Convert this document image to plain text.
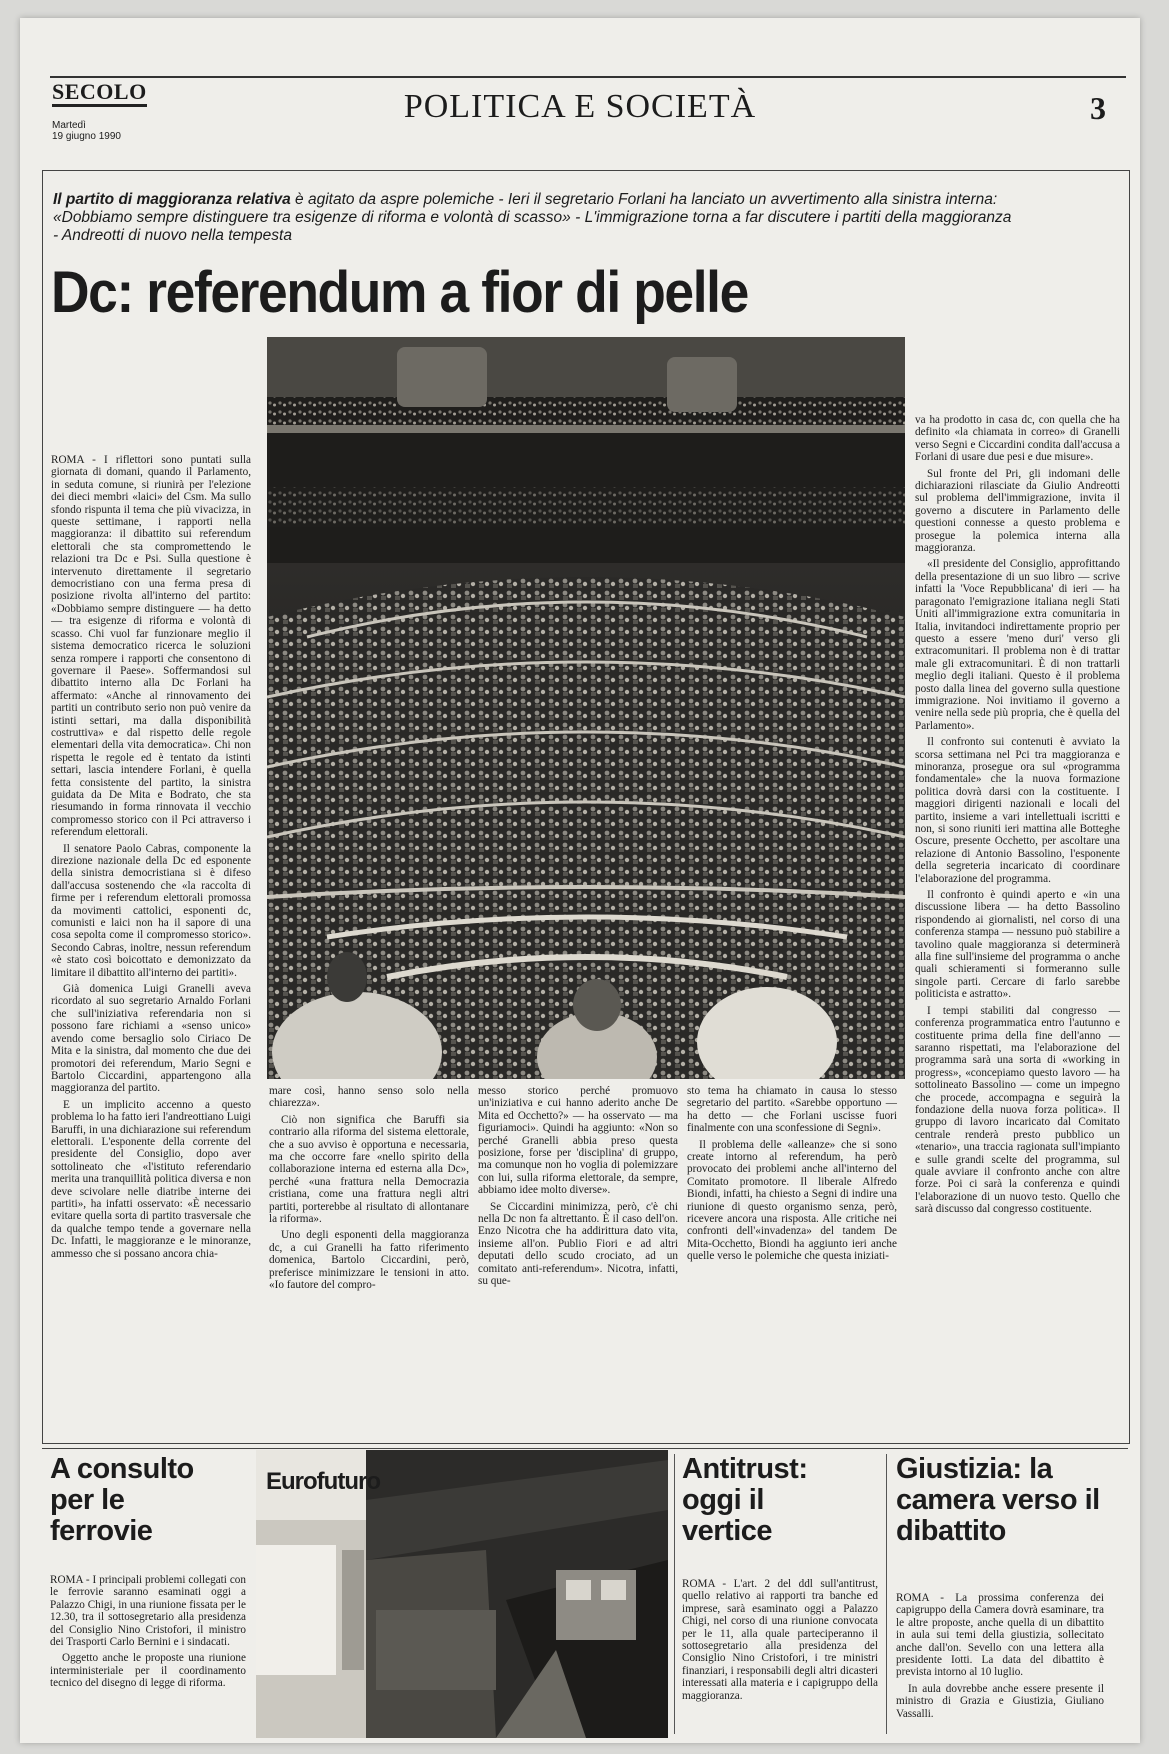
SECOLO
Martedì
19 giugno 1990
POLITICA E SOCIETÀ	3
Il partito di maggioranza relativa è agitato da aspre polemiche - Ieri il segretario Forlani ha lanciato un avvertimento alla sinistra interna: «Dobbiamo sempre distinguere tra esigenze di riforma e volontà di scasso» - L'immigrazione torna a far discutere i partiti della maggioranza - Andreotti di nuovo nella tempesta
Dc: referendum a fior di pelle

ROMA - I riflettori sono puntati sulla giornata di domani, quando il Parlamento, in seduta comune, si riunirà per l'elezione dei dieci membri «laici» del Csm. Ma sullo sfondo rispunta il tema che più vivacizza, in queste settimane, i rapporti nella maggioranza: il dibattito sui referendum elettorali che sta compromettendo le relazioni tra Dc e Psi. Sulla questione è intervenuto direttamente il segretario democristiano con una ferma presa di posizione rivolta all'interno del partito: «Dobbiamo sempre distinguere — ha detto — tra esigenze di riforma e volontà di scasso. Chi vuol far funzionare meglio il sistema democratico ricerca le soluzioni senza rompere i rapporti che consentono di governare il Paese». Soffermandosi sul dibattito interno alla Dc Forlani ha affermato: «Anche al rinnovamento dei partiti un contributo serio non può venire da istinti settari, ma dalla disponibilità costruttiva» e dal rispetto delle regole elementari della vita democratica». Chi non rispetta le regole ed è tentato da istinti settari, lascia intendere Forlani, è quella fetta consistente del partito, la sinistra guidata da De Mita e Bodrato, che sta riesumando in forma rinnovata il vecchio compromesso storico con il Pci attraverso i referendum elettorali.

Il senatore Paolo Cabras, componente la direzione nazionale della Dc ed esponente della sinistra democristiana si è difeso dall'accusa sostenendo che «la raccolta di firme per i referendum elettorali promossa da movimenti cattolici, esponenti dc, comunisti e laici non ha il sapore di una cosa sepolta come il compromesso storico». Secondo Cabras, inoltre, nessun referendum «è stato così boicottato e demonizzato da limitare il dibattito all'interno dei partiti».

Già domenica Luigi Granelli aveva ricordato al suo segretario Arnaldo Forlani che sull'iniziativa referendaria non si possono fare richiami a «senso unico» avendo come bersaglio solo Ciriaco De Mita e la sinistra, dal momento che due dei promotori dei referendum, Mario Segni e Bartolo Ciccardini, appartengono alla maggioranza del partito.

E un implicito accenno a questo problema lo ha fatto ieri l'andreottiano Luigi Baruffi, in una dichiarazione sui referendum elettorali. L'esponente della corrente del presidente del Consiglio, dopo aver sottolineato che «l'istituto referendario merita una tranquillità politica diversa e non deve scivolare nelle diatribe interne dei partiti», ha infatti osservato: «È necessario evitare quella sorta di partito trasversale che da qualche tempo tende a governare nella Dc. Infatti, le maggioranze e le minoranze, ammesso che si possano ancora chia-

mare così, hanno senso solo nella chiarezza».

Ciò non significa che Baruffi sia contrario alla riforma del sistema elettorale, che a suo avviso è opportuna e necessaria, ma che occorre fare «nello spirito della collaborazione interna ed esterna alla Dc», perché «una frattura nella Democrazia cristiana, come una frattura negli altri partiti, porterebbe al risultato di allontanare la riforma».

Uno degli esponenti della maggioranza dc, a cui Granelli ha fatto riferimento domenica, Bartolo Ciccardini, però, preferisce minimizzare le tensioni in atto. «Io fautore del compro-

messo storico perché promuovo un'iniziativa e cui hanno aderito anche De Mita ed Occhetto?» — ha osservato — ma figuriamoci». Quindi ha aggiunto: «Non so perché Granelli abbia preso questa posizione, forse per 'disciplina' di gruppo, ma comunque non ho voglia di polemizzare con lui, sulla riforma elettorale, da sempre, abbiamo idee molto diverse».

Se Ciccardini minimizza, però, c'è chi nella Dc non fa altrettanto. È il caso dell'on. Enzo Nicotra che ha addirittura dato vita, insieme all'on. Publio Fiori e ad altri deputati dello scudo crociato, ad un comitato anti-referendum». Nicotra, infatti, su que-

sto tema ha chiamato in causa lo stesso segretario del partito. «Sarebbe opportuno — ha detto — che Forlani uscisse fuori finalmente con una sconfessione di Segni».

Il problema delle «alleanze» che si sono create intorno al referendum, ha però provocato dei problemi anche all'interno del Comitato promotore. Il liberale Alfredo Biondi, infatti, ha chiesto a Segni di indire una riunione di questo organismo senza, però, ricevere ancora una risposta. Alle critiche nei confronti dell'«invadenza» del tandem De Mita-Occhetto, Biondi ha aggiunto ieri anche quelle verso le polemiche che questa iniziati-

va ha prodotto in casa dc, con quella che ha definito «la chiamata in correo» di Granelli verso Segni e Ciccardini condita dall'accusa a Forlani di usare due pesi e due misure».

Sul fronte del Pri, gli indomani delle dichiarazioni rilasciate da Giulio Andreotti sul problema dell'immigrazione, invita il governo a discutere in Parlamento delle questioni connesse a questo problema e prosegue la polemica interna alla maggioranza.

«Il presidente del Consiglio, approfittando della presentazione di un suo libro — scrive infatti la 'Voce Repubblicana' di ieri — ha paragonato l'emigrazione italiana negli Stati Uniti all'immigrazione extra comunitaria in Italia, invitandoci indirettamente proprio per questo a essere 'meno duri' verso gli extracomunitari. Il problema non è di trattar male gli extracomunitari. È di non trattarli meglio degli italiani. Questo è il problema posto dalla linea del governo sulla questione immigrazione. Noi invitiamo il governo a venire nella sede più propria, che è quella del Parlamento».

Il confronto sui contenuti è avviato la scorsa settimana nel Pci tra maggioranza e minoranza, prosegue ora sul «programma fondamentale» che la nuova formazione politica dovrà darsi con la costituente. I maggiori dirigenti nazionali e locali del partito, insieme a vari intellettuali iscritti e non, si sono riuniti ieri mattina alle Botteghe Oscure, presente Occhetto, per ascoltare una relazione di Antonio Bassolino, l'esponente della segreteria incaricato di coordinare l'elaborazione del programma.

Il confronto è quindi aperto e «in una discussione libera — ha detto Bassolino rispondendo ai giornalisti, nel corso di una conferenza stampa — nessuno può stabilire a tavolino quale maggioranza si determinerà alla fine sull'insieme del programma o anche quali schieramenti si formeranno sulle singole parti. Cercare di farlo sarebbe politicista e astratto».

I tempi stabiliti dal congresso — conferenza programmatica entro l'autunno e costituente prima della fine dell'anno — saranno rispettati, ma l'elaborazione del programma sarà una sorta di «working in progress», «concepiamo questo lavoro — ha sottolineato Bassolino — come un impegno che procede, accompagna e seguirà la fondazione della nuova forza politica». Il gruppo di lavoro incaricato dal Comitato centrale renderà presto pubblico un «tenario», una traccia ragionata sull'impianto e sulle grandi scelte del programma, sul quale avviare il confronto anche con altre forze. Poi ci sarà la conferenza e quindi l'elaborazione di un nuovo testo. Quello che sarà discusso dal congresso costituente.

A consulto per le ferrovie

ROMA - I principali problemi collegati con le ferrovie saranno esaminati oggi a Palazzo Chigi, in una riunione fissata per le 12.30, tra il sottosegretario alla presidenza del Consiglio Nino Cristofori, il ministro dei Trasporti Carlo Bernini e i sindacati.

Oggetto anche le proposte una riunione interministeriale per il coordinamento tecnico del disegno di legge di riforma.

Eurofuturo	Antitrust: oggi il vertice

ROMA - L'art. 2 del ddl sull'antitrust, quello relativo ai rapporti tra banche ed imprese, sarà esaminato oggi a Palazzo Chigi, nel corso di una riunione convocata per le 11, alla quale parteciperanno il sottosegretario alla presidenza del Consiglio Nino Cristofori, i tre ministri finanziari, i responsabili degli altri dicasteri interessati alla materia e i capigruppo della maggioranza.

Giustizia: la camera verso il dibattito

ROMA - La prossima conferenza dei capigruppo della Camera dovrà esaminare, tra le altre proposte, anche quella di un dibattito in aula sui temi della giustizia, sollecitato anche dall'on. Sevello con una lettera alla presidente Iotti. La data del dibattito è prevista intorno al 10 luglio.

In aula dovrebbe anche essere presente il ministro di Grazia e Giustizia, Giuliano Vassalli.
